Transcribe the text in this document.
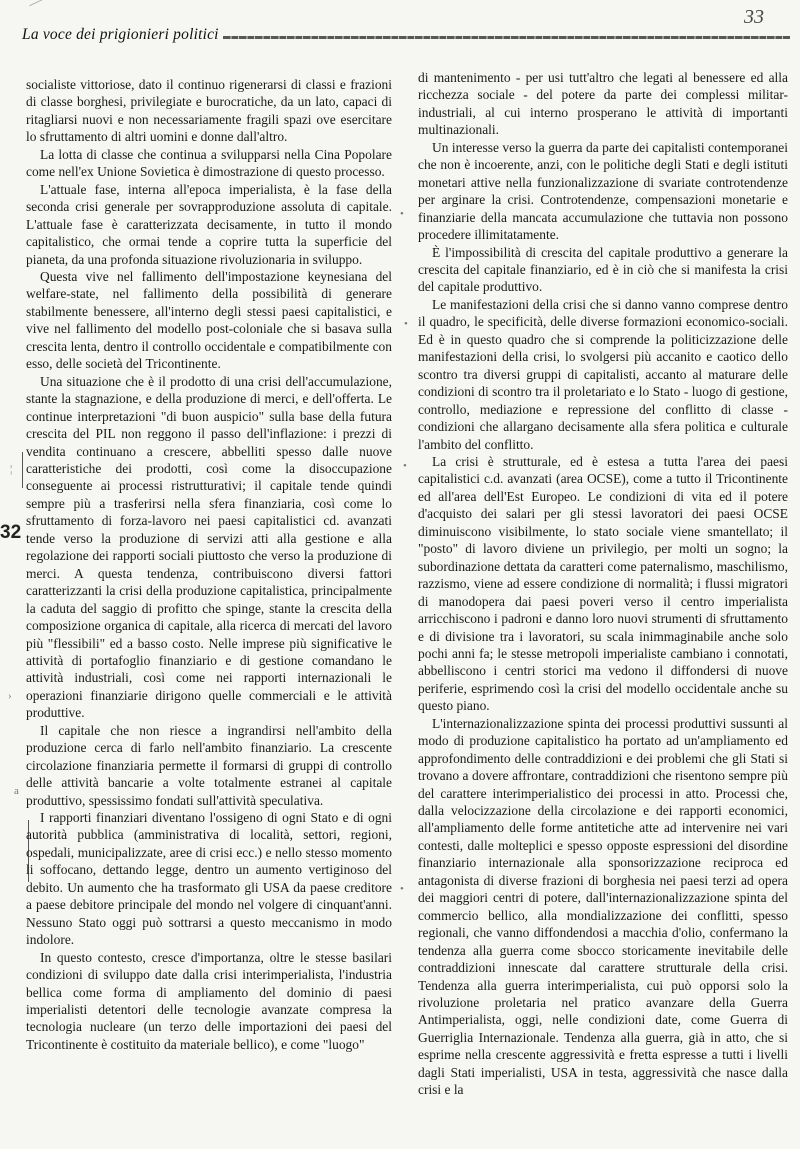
La voce dei prigionieri politici
33
32
¦
›
a
•
•
•
•

socialiste vittoriose, dato il continuo rigenerarsi di classi e frazioni di classe borghesi, privilegiate e burocratiche, da un lato, capaci di ritagliarsi nuovi e non necessariamente fragili spazi ove esercitare lo sfruttamento di altri uomini e donne dall'altro.

La lotta di classe che continua a svilupparsi nella Cina Popolare come nell'ex Unione Sovietica è dimostrazione di questo processo.

L'attuale fase, interna all'epoca imperialista, è la fase della seconda crisi generale per sovrapproduzione assoluta di capitale. L'attuale fase è caratterizzata decisamente, in tutto il mondo capitalistico, che ormai tende a coprire tutta la superficie del pianeta, da una profonda situazione rivoluzionaria in sviluppo.

Questa vive nel fallimento dell'impostazione keynesiana del welfare-state, nel fallimento della possibilità di generare stabilmente benessere, all'interno degli stessi paesi capitalistici, e vive nel fallimento del modello post-coloniale che si basava sulla crescita lenta, dentro il controllo occidentale e compatibilmente con esso, delle società del Tricontinente.

Una situazione che è il prodotto di una crisi dell'accumulazione, stante la stagnazione, e della produzione di merci, e dell'offerta. Le continue interpretazioni "di buon auspicio" sulla base della futura crescita del PIL non reggono il passo dell'inflazione: i prezzi di vendita continuano a crescere, abbelliti spesso dalle nuove caratteristiche dei prodotti, così come la disoccupazione conseguente ai processi ristrutturativi; il capitale tende quindi sempre più a trasferirsi nella sfera finanziaria, così come lo sfruttamento di forza-lavoro nei paesi capitalistici cd. avanzati tende verso la produzione di servizi atti alla gestione e alla regolazione dei rapporti sociali piuttosto che verso la produzione di merci. A questa tendenza, contribuiscono diversi fattori caratterizzanti la crisi della produzione capitalistica, principalmente la caduta del saggio di profitto che spinge, stante la crescita della composizione organica di capitale, alla ricerca di mercati del lavoro più "flessibili" ed a basso costo. Nelle imprese più significative le attività di portafoglio finanziario e di gestione comandano le attività industriali, così come nei rapporti internazionali le operazioni finanziarie dirigono quelle commerciali e le attività produttive.

Il capitale che non riesce a ingrandirsi nell'ambito della produzione cerca di farlo nell'ambito finanziario. La crescente circolazione finanziaria permette il formarsi di gruppi di controllo delle attività bancarie a volte totalmente estranei al capitale produttivo, spessissimo fondati sull'attività speculativa.

I rapporti finanziari diventano l'ossigeno di ogni Stato e di ogni autorità pubblica (amministrativa di località, settori, regioni, ospedali, municipalizzate, aree di crisi ecc.) e nello stesso momento li soffocano, dettando legge, dentro un aumento vertiginoso del debito. Un aumento che ha trasformato gli USA da paese creditore a paese debitore principale del mondo nel volgere di cinquant'anni. Nessuno Stato oggi può sottrarsi a questo meccanismo in modo indolore.

In questo contesto, cresce d'importanza, oltre le stesse basilari condizioni di sviluppo date dalla crisi interimperialista, l'industria bellica come forma di ampliamento del dominio di paesi imperialisti detentori delle tecnologie avanzate compresa la tecnologia nucleare (un terzo delle importazioni dei paesi del Tricontinente è costituito da materiale bellico), e come "luogo"

di mantenimento - per usi tutt'altro che legati al benessere ed alla ricchezza sociale - del potere da parte dei complessi militar-industriali, al cui interno prosperano le attività di importanti multinazionali.

Un interesse verso la guerra da parte dei capitalisti contemporanei che non è incoerente, anzi, con le politiche degli Stati e degli istituti monetari attive nella funzionalizzazione di svariate controtendenze per arginare la crisi. Controtendenze, compensazioni monetarie e finanziarie della mancata accumulazione che tuttavia non possono procedere illimitatamente.

È l'impossibilità di crescita del capitale produttivo a generare la crescita del capitale finanziario, ed è in ciò che si manifesta la crisi del capitale produttivo.

Le manifestazioni della crisi che si danno vanno comprese dentro il quadro, le specificità, delle diverse formazioni economico-sociali. Ed è in questo quadro che si comprende la politicizzazione delle manifestazioni della crisi, lo svolgersi più accanito e caotico dello scontro tra diversi gruppi di capitalisti, accanto al maturare delle condizioni di scontro tra il proletariato e lo Stato - luogo di gestione, controllo, mediazione e repressione del conflitto di classe - condizioni che allargano decisamente alla sfera politica e culturale l'ambito del conflitto.

La crisi è strutturale, ed è estesa a tutta l'area dei paesi capitalistici c.d. avanzati (area OCSE), come a tutto il Tricontinente ed all'area dell'Est Europeo. Le condizioni di vita ed il potere d'acquisto dei salari per gli stessi lavoratori dei paesi OCSE diminuiscono visibilmente, lo stato sociale viene smantellato; il "posto" di lavoro diviene un privilegio, per molti un sogno; la subordinazione dettata da caratteri come paternalismo, maschilismo, razzismo, viene ad essere condizione di normalità; i flussi migratori di manodopera dai paesi poveri verso il centro imperialista arricchiscono i padroni e danno loro nuovi strumenti di sfruttamento e di divisione tra i lavoratori, su scala inimmaginabile anche solo pochi anni fa; le stesse metropoli imperialiste cambiano i connotati, abbelliscono i centri storici ma vedono il diffondersi di nuove periferie, esprimendo così la crisi del modello occidentale anche su questo piano.

L'internazionalizzazione spinta dei processi produttivi sussunti al modo di produzione capitalistico ha portato ad un'ampliamento ed approfondimento delle contraddizioni e dei problemi che gli Stati si trovano a dovere affrontare, contraddizioni che risentono sempre più del carattere interimperialistico dei processi in atto. Processi che, dalla velocizzazione della circolazione e dei rapporti economici, all'ampliamento delle forme antitetiche atte ad intervenire nei vari contesti, dalle molteplici e spesso opposte espressioni del disordine finanziario internazionale alla sponsorizzazione reciproca ed antagonista di diverse frazioni di borghesia nei paesi terzi ad opera dei maggiori centri di potere, dall'internazionalizzazione spinta del commercio bellico, alla mondializzazione dei conflitti, spesso regionali, che vanno diffondendosi a macchia d'olio, confermano la tendenza alla guerra come sbocco storicamente inevitabile delle contraddizioni innescate dal carattere strutturale della crisi. Tendenza alla guerra interimperialista, cui può opporsi solo la rivoluzione proletaria nel pratico avanzare della Guerra Antimperialista, oggi, nelle condizioni date, come Guerra di Guerriglia Internazionale. Tendenza alla guerra, già in atto, che si esprime nella crescente aggressività e fretta espresse a tutti i livelli dagli Stati imperialisti, USA in testa, aggressività che nasce dalla crisi e la
